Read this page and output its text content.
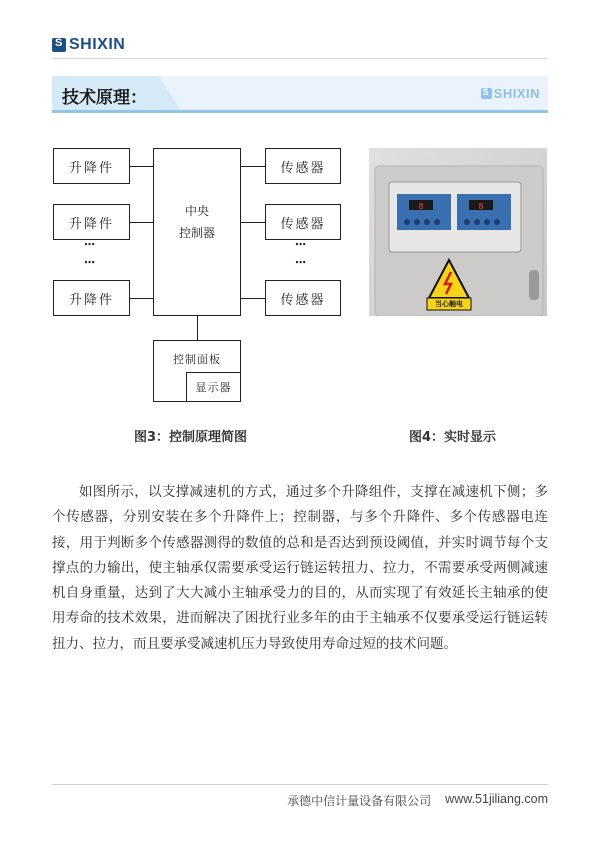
S
SHIXIN
技术原理：
S	SHIXIN
升降件
升降件
升降件
⋯
⋯
中央
控制器
传感器
传感器
传感器
⋯
⋯
控制面板
显示器
8	8
当心触电
图3：控制原理简图	图4：实时显示

如图所示，以支撑减速机的方式，通过多个升降组件，支撑在减速机下侧；多个传感器，分别安装在多个升降件上；控制器，与多个升降件、多个传感器电连接，用于判断多个传感器测得的数值的总和是否达到预设阈值，并实时调节每个支撑点的力输出，使主轴承仅需要承受运行链运转扭力、拉力，不需要承受两侧减速机自身重量，达到了大大减小主轴承受力的目的，从而实现了有效延长主轴承的使用寿命的技术效果，进而解决了困扰行业多年的由于主轴承不仅要承受运行链运转扭力、拉力，而且要承受减速机压力导致使用寿命过短的技术问题。

承德中信计量设备有限公司 www.51jiliang.com
